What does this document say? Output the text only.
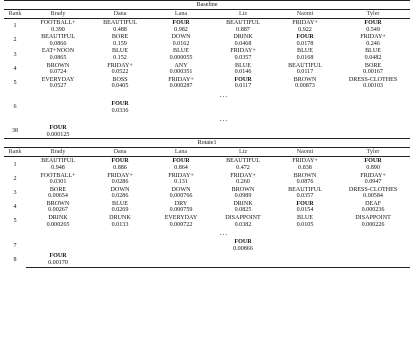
Baseline						
Rank	Brady	Dana	Lana	Liz	Naomi	Tyler
1	FOOTBALL+	BEAUTIFUL	FOUR	BEAUTIFUL	FRIDAY+	FOUR
	0.390	0.488	0.982	0.887	0.922	0.549
2	BEAUTIFUL	BORE	DOWN	DRINK	FOUR	FRIDAY+
	0.0866	0.159	0.0162	0.0468	0.0178	0.246
3	EAT+NOON	BLUE	BLUE	FRIDAY+	BLUE	BLUE
	0.0865	0.152	0.000055	0.0357	0.0168	0.0482
4	BROWN	FRIDAY+	ANY	BLUE	BEAUTIFUL	BORE
	0.0724	0.0522	0.000351	0.0146	0.0117	0.00167
5	EVERYDAY	BOSS	FRIDAY+	FOUR	BROWN	DRESS-CLOTHES
	0.0527	0.0405	0.000287	0.0117	0.00873	0.00103
	...					
6		FOUR				
		0.0336				
	...					
38	FOUR					
	0.000125					
Rotate1						
Rank	Brady	Dana	Lana	Liz	Naomi	Tyler
1	BEAUTIFUL	FOUR	FOUR	BEAUTIFUL	FRIDAY+	FOUR
	0.948	0.886	0.864	0.472	0.838	0.890
2	FOOTBALL+	FRIDAY+	FRIDAY+	FRIDAY+	BROWN	FRIDAY+
	0.0301	0.0286	0.131	0.260	0.0876	0.0947
3	BORE	DOWN	DOWN	BROWN	BEAUTIFUL	DRESS-CLOTHES
	0.00654	0.0286	0.000766	0.0989	0.0357	0.00584
4	BROWN	BLUE	DRY	DRINK	FOUR	DEAF
	0.00267	0.0269	0.000759	0.0825	0.0154	0.000236
5	DRINK	DRUNK	EVERYDAY	DISAPPOINT	BLUE	DISAPPOINT
	0.000265	0.0133	0.000722	0.0382	0.0105	0.000226
	...					
7				FOUR		
				0.00866		
8	FOUR					
	0.00170					
